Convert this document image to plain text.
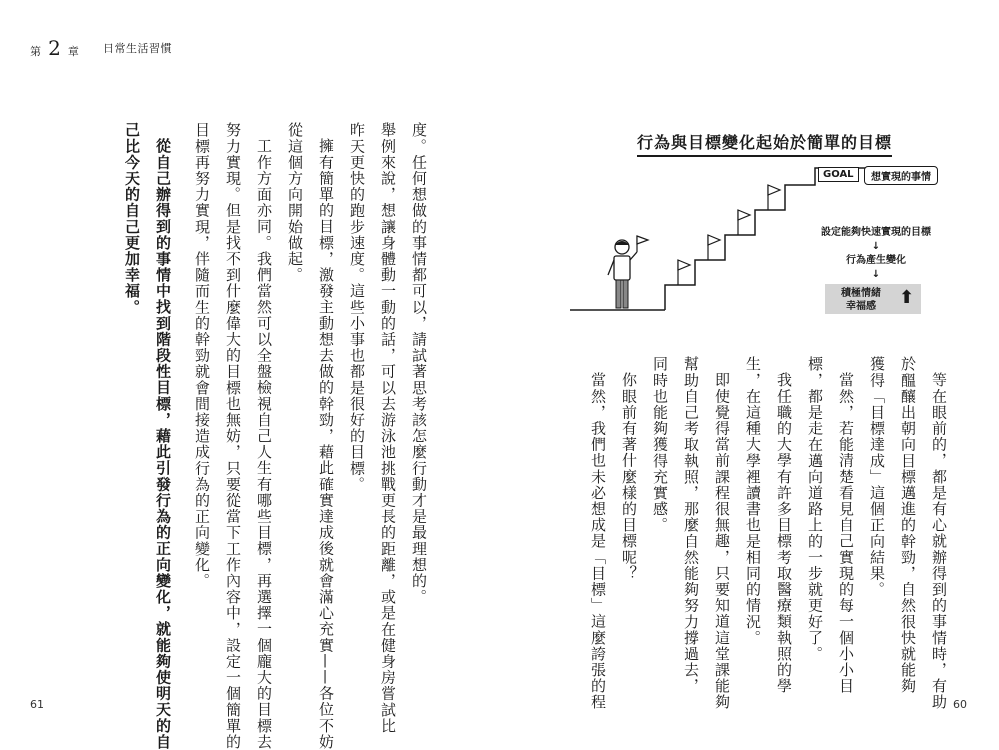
第 2 章 日常生活習慣
度。任何想做的事情都可以，請試著思考該怎麼行動才是最理想的。
舉例來說，想讓身體動一動的話，可以去游泳池挑戰更長的距離，或是在健身房嘗試比
昨天更快的跑步速度。這些小事也都是很好的目標。
擁有簡單的目標，激發主動想去做的幹勁，藉此確實達成後就會滿心充實——各位不妨
從這個方向開始做起。
工作方面亦同。我們當然可以全盤檢視自己人生有哪些目標，再選擇一個龐大的目標去
努力實現。但是找不到什麼偉大的目標也無妨，只要從當下工作內容中，設定一個簡單的
目標再努力實現，伴隨而生的幹勁就會間接造成行為的正向變化。
從自己辦得到的事情中找到階段性目標，藉此引發行為的正向變化，就能夠使明天的自
己比今天的自己更加幸福。	行為與目標變化起始於簡單的目標
GOAL	想實現的事情
設定能夠快速實現的目標
↓
行為產生變化
↓
積極情緒
幸福感	⬆
等在眼前的，都是有心就辦得到的事情時，有助
於醞釀出朝向目標邁進的幹勁，自然很快就能夠
獲得「目標達成」這個正向結果。
當然，若能清楚看見自己實現的每一個小小目
標，都是走在邁向道路上的一步就更好了。
我任職的大學有許多目標考取醫療類執照的學
生，在這種大學裡讀書也是相同的情況。
即使覺得當前課程很無趣，只要知道這堂課能夠
幫助自己考取執照，那麼自然能夠努力撐過去，
同時也能夠獲得充實感。
你眼前有著什麼樣的目標呢？
當然，我們也未必想成是「目標」這麼誇張的程
61	60
